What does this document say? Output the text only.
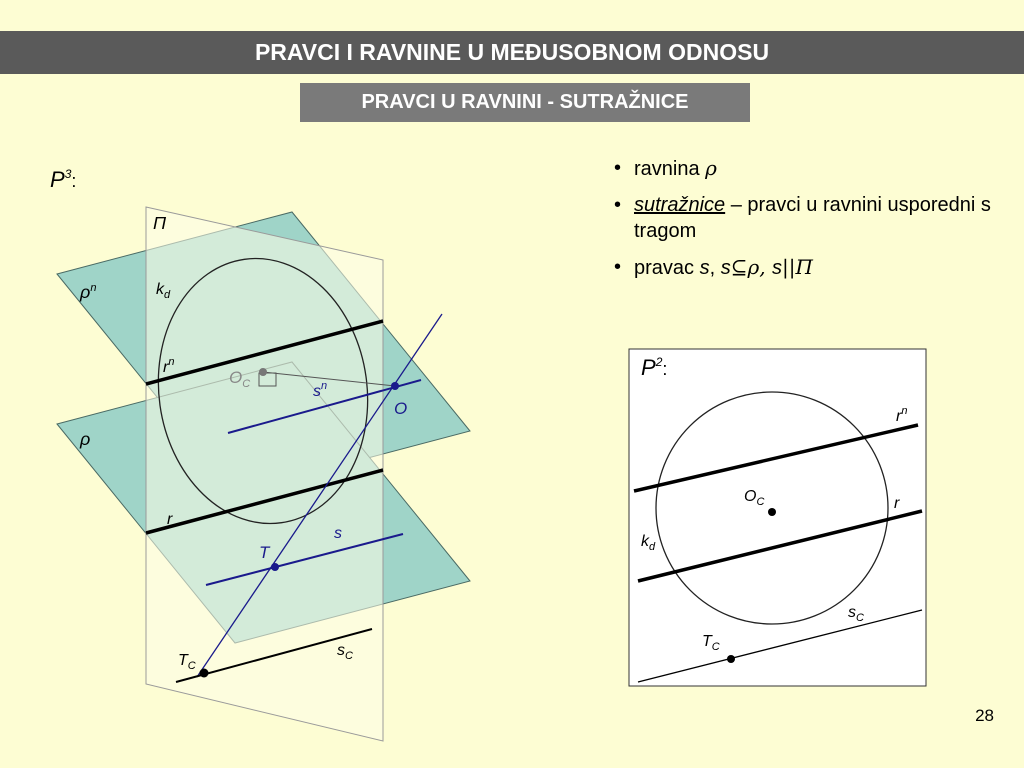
PRAVCI I RAVNINE U MEĐUSOBNOM ODNOSU
PRAVCI U RAVNINI - SUTRAŽNICE
$P^3_:$
Π
$\rho^n$
ρ
$k_d$
$r^n$
$O_C$	$s^n$
O
r
s
T
$T_C$
$s_C$
• ravnina ρ
• sutražnice – pravci u ravnini usporedni s tragom
• pravac s, s⊆ρ, s||Π
$P^2_:$
$r^n$
$O_C$	r
$k_d$
$s_C$
$T_C$
28
